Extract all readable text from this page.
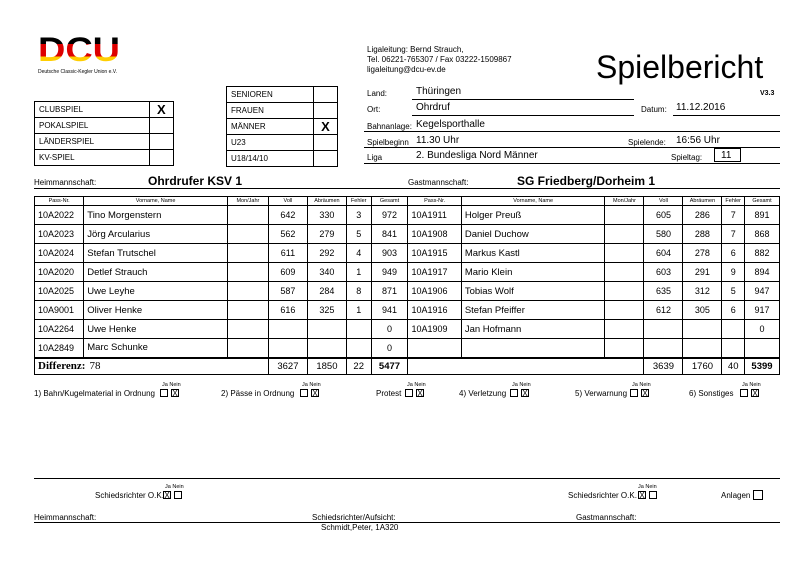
DCU
Deutsche Classic-Kegler Union e.V.
Ligaleitung: Bernd Strauch,
Tel. 06221-765307 / Fax 03222-1509867
ligaleitung@dcu-ev.de	Spielbericht
V3.3
CLUBSPIEL	X
POKALSPIEL	
LÄNDERSPIEL	
KV-SPIEL	
SENIOREN	
FRAUEN	
MÄNNER	X
U23	
U18/14/10	
Land:	Thüringen
Ort:	Ohrdruf	Datum: 11.12.2016
Bahnanlage: Kegelsporthalle
Spielbeginn 11.30 Uhr	Spielende: 16:56 Uhr
Liga	2. Bundesliga Nord Männer	Spieltag: 11
Heimmannschaft:	Ohrdrufer KSV 1	Gastmannschaft:	SG Friedberg/Dorheim 1
Pass-Nr.	Vorname, Name	Mon/Jahr	Voll	Abräumen	Fehler	Gesamt	Pass-Nr.	Vorname, Name	Mon/Jahr	Voll	Abräumen	Fehler	Gesamt
10A2022	Tino Morgenstern		642	330	3	972	10A1911	Holger Preuß		605	286	7	891
10A2023	Jörg Arcularius		562	279	5	841	10A1908	Daniel Duchow		580	288	7	868
10A2024	Stefan Trutschel		611	292	4	903	10A1915	Markus Kastl		604	278	6	882
10A2020	Detlef Strauch		609	340	1	949	10A1917	Mario Klein		603	291	9	894
10A2025	Uwe Leyhe		587	284	8	871	10A1906	Tobias Wolf		635	312	5	947
10A9001	Oliver Henke		616	325	1	941	10A1916	Stefan Pfeiffer		612	305	6	917
10A2264	Uwe Henke					0	10A1909	Jan Hofmann					0
10A2849	Marc Schunke					0							
Differenz: 78			3627	1850	22	5477				3639	1760	40	5399
Ja Nein
1) Bahn/Kugelmaterial in Ordnung X
Ja Nein
2) Pässe in Ordnung X
Ja Nein
Protest X
Ja Nein
4) Verletzung X
Ja Nein
5) Verwarnung X
Ja Nein
6) Sonstiges X
Ja Nein
Schiedsrichter O.K. X
Ja Nein
Schiedsrichter O.K. X	Anlagen
Heimmannschaft:	Schiedsrichter/Aufsicht:	Gastmannschaft:
Schmidt,Peter, 1A320
